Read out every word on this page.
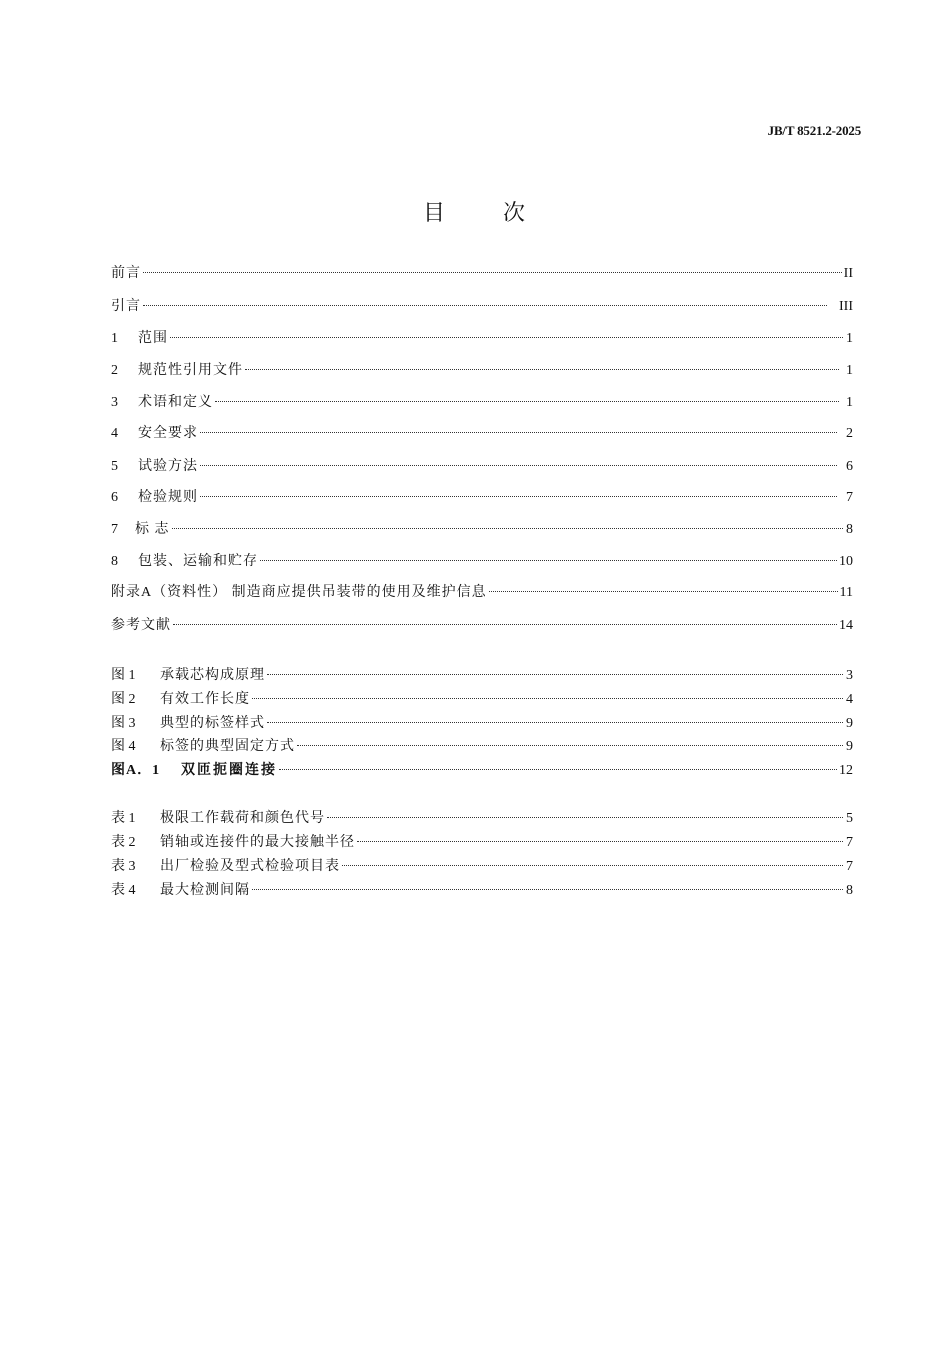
JB/T 8521.2-2025
目	次
前言	II
引言	III
1 范围	1
2 规范性引用文件	1
3 术语和定义	1
4 安全要求	2
5 试验方法	6
6 检验规则	7
7 标 志	8
8 包装、运输和贮存	10
附录A（资料性） 制造商应提供吊装带的使用及维护信息	11
参考文献	14
图 1 承载芯构成原理	3
图 2 有效工作长度	4
图 3 典型的标签样式	9
图 4 标签的典型固定方式	9
图A．1 双匝扼圈连接	12
表 1 极限工作载荷和颜色代号	5
表 2 销轴或连接件的最大接触半径	7
表 3 出厂检验及型式检验项目表	7
表 4 最大检测间隔	8
